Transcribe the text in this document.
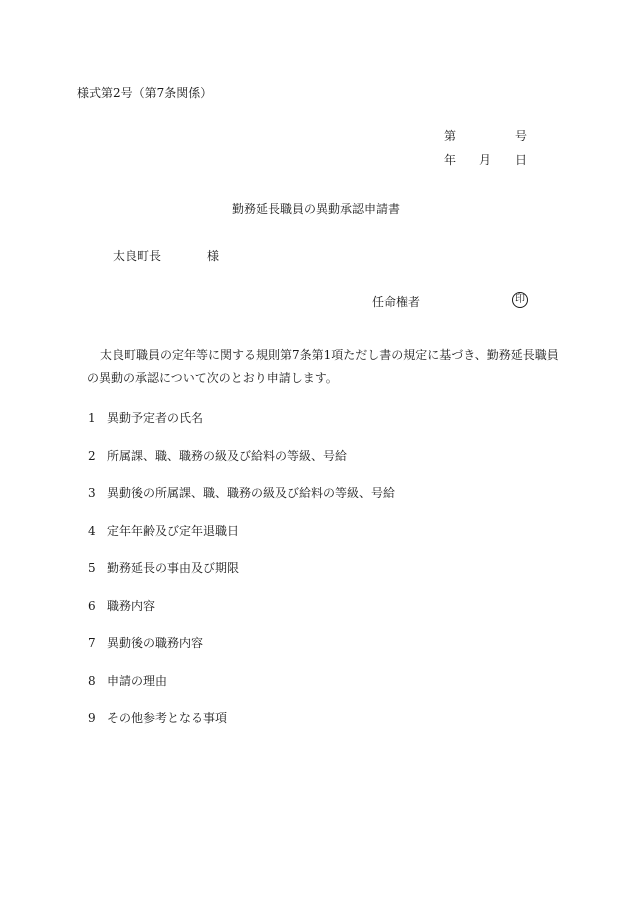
様式第2号（第7条関係）
第	号
年 月 日
勤務延長職員の異動承認申請書
太良町長	様
任命権者	印
太良町職員の定年等に関する規則第7条第1項ただし書の規定に基づき、勤務延長職員
の異動の承認について次のとおり申請します。
1 異動予定者の氏名
2 所属課、職、職務の級及び給料の等級、号給
3 異動後の所属課、職、職務の級及び給料の等級、号給
4 定年年齢及び定年退職日
5 勤務延長の事由及び期限
6 職務内容
7 異動後の職務内容
8 申請の理由
9 その他参考となる事項
